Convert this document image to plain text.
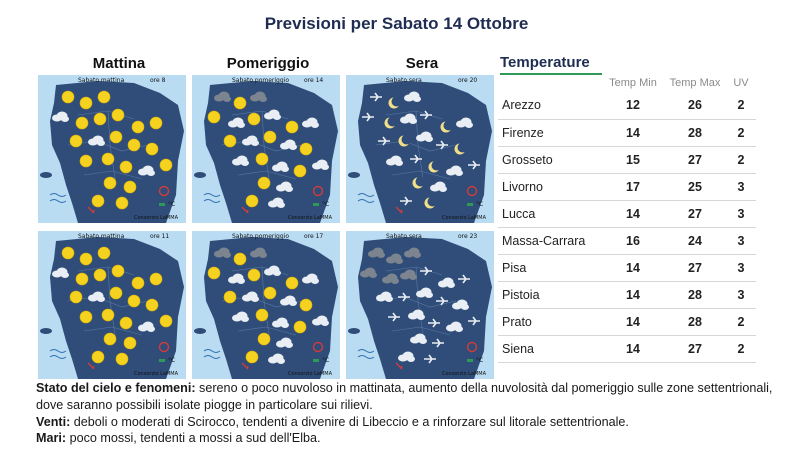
Previsioni per Sabato 14 Ottobre
Mattina	Pomeriggio	Sera
Sabato mattina	ore 8
°C
Consorzio LaMMA
Sabato pomeriggio ore 14
°C
Consorzio LaMMA
Sabato sera	ore 20
°C
Consorzio LaMMA
Sabato mattina	ore 11
°C
Consorzio LaMMA
Sabato pomeriggio ore 17
°C
Consorzio LaMMA
Sabato sera	ore 23
°C
Consorzio LaMMA
Temperature
	Temp Min	Temp Max	UV
Arezzo	12	26	2
Firenze	14	28	2
Grosseto	15	27	2
Livorno	17	25	3
Lucca	14	27	3
Massa-Carrara	16	24	3
Pisa	14	27	3
Pistoia	14	28	3
Prato	14	28	2
Siena	14	27	2
Stato del cielo e fenomeni: sereno o poco nuvoloso in mattinata, aumento della nuvolosità dal pomeriggio sulle zone settentrionali, dove saranno possibili isolate piogge in particolare sui rilievi.
Venti: deboli o moderati di Scirocco, tendenti a divenire di Libeccio e a rinforzare sul litorale settentrionale.
Mari: poco mossi, tendenti a mossi a sud dell'Elba.
